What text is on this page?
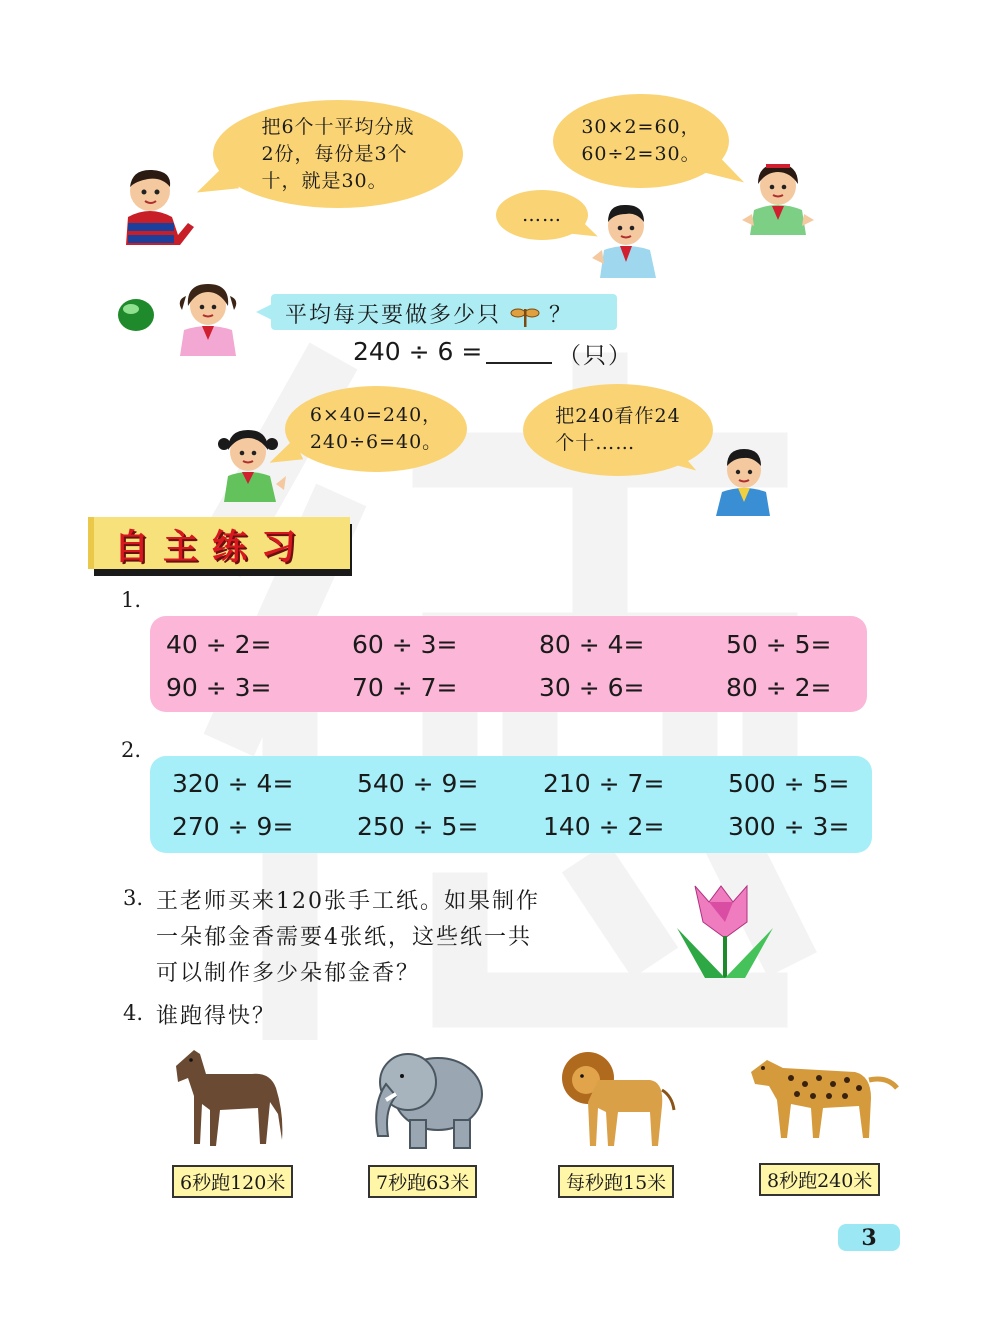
把6个十平均分成
2份，每份是3个
十，就是30。
30×2=60，
60÷2=30。
……
平均每天要做多少只 ？
240 ÷ 6 =	（只）
6×40=240，
240÷6=40。
把240看作24
个十……
自主练习
1.
40 ÷ 2=	60 ÷ 3=	80 ÷ 4=	50 ÷ 5=
90 ÷ 3=	70 ÷ 7=	30 ÷ 6=	80 ÷ 2=
2.
320 ÷ 4=	540 ÷ 9=	210 ÷ 7=	500 ÷ 5=
270 ÷ 9=	250 ÷ 5=	140 ÷ 2=	300 ÷ 3=
3. 王老师买来120张手工纸。如果制作
一朵郁金香需要4张纸，这些纸一共
可以制作多少朵郁金香？
4. 谁跑得快？
6秒跑120米	7秒跑63米	每秒跑15米	8秒跑240米
3
